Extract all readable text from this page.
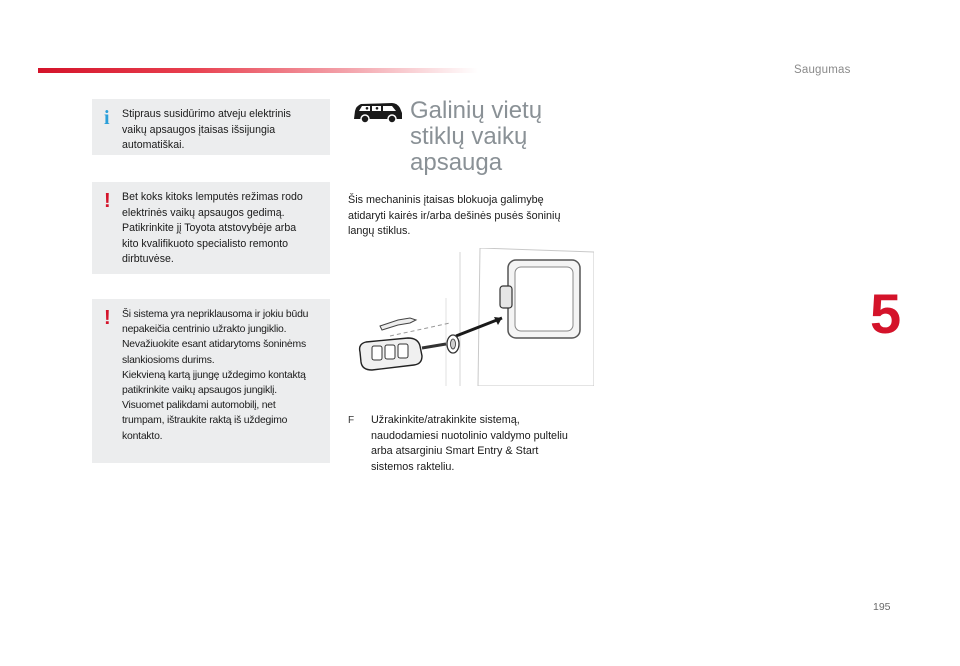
Saugumas
5
i Stipraus susidūrimo atveju elektrinis
vaikų apsaugos įtaisas išsijungia
automatiškai.

! Bet koks kitoks lemputės režimas rodo
elektrinės vaikų apsaugos gedimą.
Patikrinkite jį Toyota atstovybėje arba
kito kvalifikuoto specialisto remonto
dirbtuvėse.

! Ši sistema yra nepriklausoma ir jokiu būdu
nepakeičia centrinio užrakto jungiklio.
Nevažiuokite esant atidarytoms šoninėms
slankiosioms durims.
Kiekvieną kartą įjungę uždegimo kontaktą
patikrinkite vaikų apsaugos jungiklį.
Visuomet palikdami automobilį, net
trumpam, ištraukite raktą iš uždegimo
kontakto.

Galinių vietų
stiklų vaikų
apsauga

Šis mechaninis įtaisas blokuoja galimybę
atidaryti kairės ir/arba dešinės pusės šoninių
langų stiklus.

F	Užrakinkite/atrakinkite sistemą,
naudodamiesi nuotolinio valdymo pulteliu
arba atsarginiu Smart Entry & Start
sistemos rakteliu.

195
